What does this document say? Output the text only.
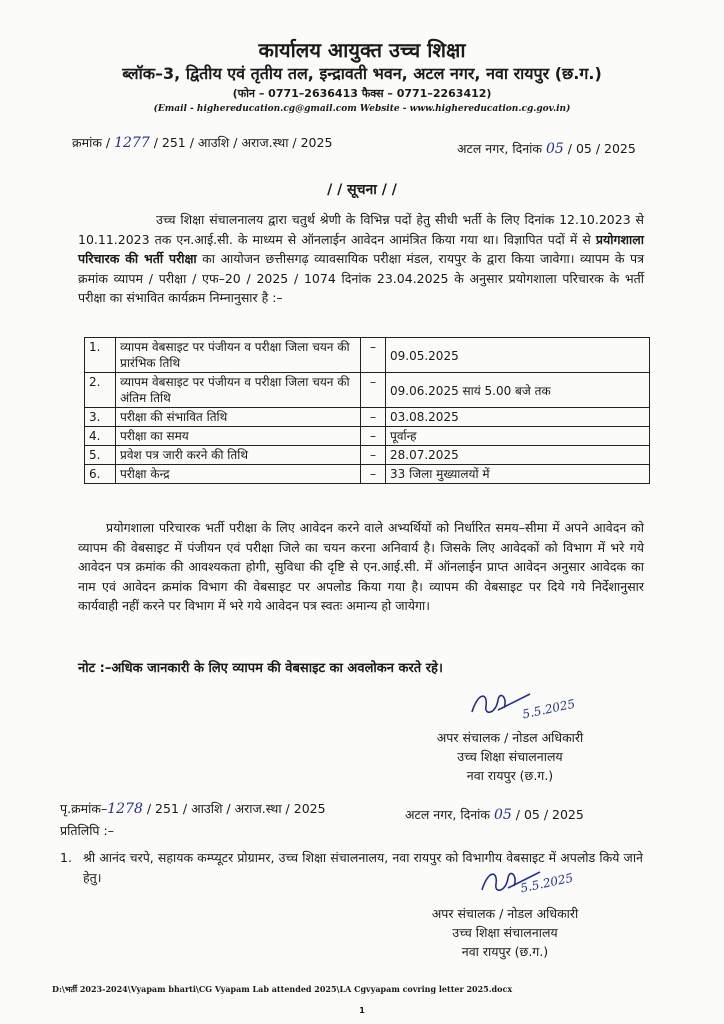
कार्यालय आयुक्त उच्च शिक्षा
ब्लॉक–3, द्वितीय एवं तृतीय तल, इन्द्रावती भवन, अटल नगर, नवा रायपुर (छ.ग.)
(फोन – 0771–2636413 फैक्स – 0771–2263412)
(Email - highereducation.cg@gmail.com Website - www.highereducation.cg.gov.in)
क्रमांक / 1277 / 251 / आउशि / अराज.स्था / 2025	अटल नगर, दिनांक 05 / 05 / 2025
/ / सूचना / /
उच्च शिक्षा संचालनालय द्वारा चतुर्थ श्रेणी के विभिन्न पदों हेतु सीधी भर्ती के लिए दिनांक 12.10.2023 से 10.11.2023 तक एन.आई.सी. के माध्यम से ऑनलाईन आवेदन आमंत्रित किया गया था। विज्ञापित पदों में से प्रयोगशाला परिचारक की भर्ती परीक्षा का आयोजन छत्तीसगढ़ व्यावसायिक परीक्षा मंडल, रायपुर के द्वारा किया जावेगा। व्यापम के पत्र क्रमांक व्यापम / परीक्षा / एफ–20 / 2025 / 1074 दिनांक 23.04.2025 के अनुसार प्रयोगशाला परिचारक के भर्ती परीक्षा का संभावित कार्यक्रम निम्नानुसार है :–
1.	व्यापम वेबसाइट पर पंजीयन व परीक्षा जिला चयन की प्रारंभिक तिथि	–	09.05.2025
2.	व्यापम वेबसाइट पर पंजीयन व परीक्षा जिला चयन की अंतिम तिथि	–	09.06.2025 सायं 5.00 बजे तक
3.	परीक्षा की संभावित तिथि	–	03.08.2025
4.	परीक्षा का समय	–	पूर्वान्ह
5.	प्रवेश पत्र जारी करने की तिथि	–	28.07.2025
6.	परीक्षा केन्द्र	–	33 जिला मुख्यालयों में
प्रयोगशाला परिचारक भर्ती परीक्षा के लिए आवेदन करने वाले अभ्यर्थियों को निर्धारित समय–सीमा में अपने आवेदन को व्यापम की वेबसाइट में पंजीयन एवं परीक्षा जिले का चयन करना अनिवार्य है। जिसके लिए आवेदकों को विभाग में भरे गये आवेदन पत्र क्रमांक की आवश्यकता होगी, सुविधा की दृष्टि से एन.आई.सी. में ऑनलाईन प्राप्त आवेदन अनुसार आवेदक का नाम एवं आवेदन क्रमांक विभाग की वेबसाइट पर अपलोड किया गया है। व्यापम की वेबसाइट पर दिये गये निर्देशानुसार कार्यवाही नहीं करने पर विभाग में भरे गये आवेदन पत्र स्वतः अमान्य हो जायेगा।
नोट :–अधिक जानकारी के लिए व्यापम की वेबसाइट का अवलोकन करते रहे।
5.5.2025
अपर संचालक / नोडल अधिकारी
उच्च शिक्षा संचालनालय
नवा रायपुर (छ.ग.)
पृ.क्रमांक–1278 / 251 / आउशि / अराज.स्था / 2025	अटल नगर, दिनांक 05 / 05 / 2025
प्रतिलिपि :–
1. श्री आनंद चरपे, सहायक कम्प्यूटर प्रोग्रामर, उच्च शिक्षा संचालनालय, नवा रायपुर को विभागीय वेबसाइट में अपलोड किये जाने हेतु।	5.5.2025
अपर संचालक / नोडल अधिकारी
उच्च शिक्षा संचालनालय
नवा रायपुर (छ.ग.)
D:\भर्ती 2023-2024\Vyapam bharti\CG Vyapam Lab attended 2025\LA Cgvyapam covring letter 2025.docx
1
